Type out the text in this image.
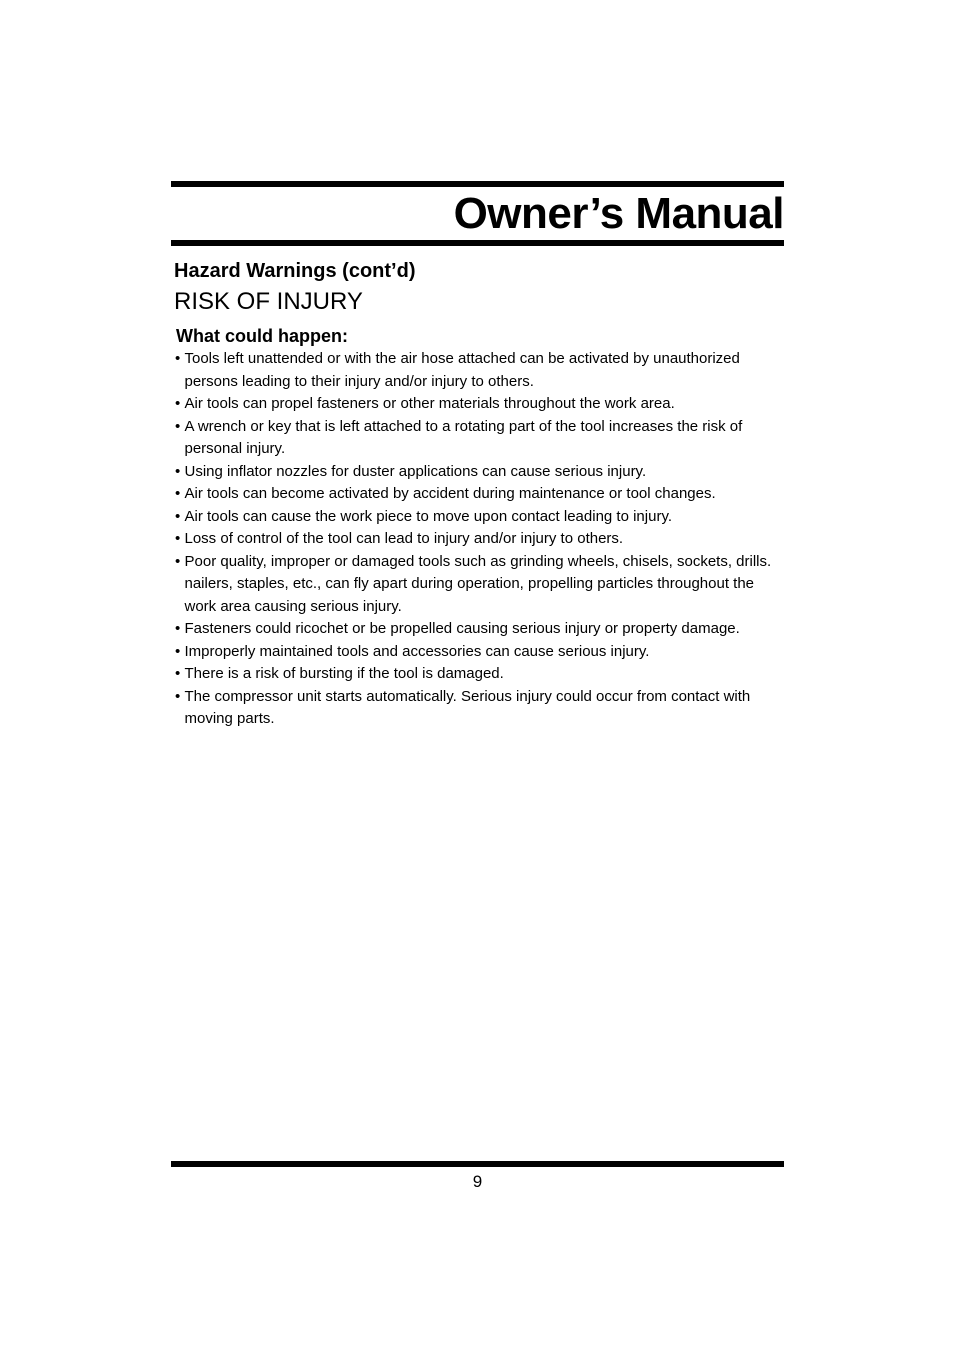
Owner’s Manual
Hazard Warnings (cont’d)
RISK OF INJURY
What could happen:
• Tools left unattended or with the air hose attached can be activated by unauthorized persons leading to their injury and/or injury to others.
• Air tools can propel fasteners or other materials throughout the work area.
• A wrench or key that is left attached to a rotating part of the tool increases the risk of personal injury.
• Using inflator nozzles for duster applications can cause serious injury.
• Air tools can become activated by accident during maintenance or tool changes.
• Air tools can cause the work piece to move upon contact leading to injury.
• Loss of control of the tool can lead to injury and/or injury to others.
• Poor quality, improper or damaged tools such as grinding wheels, chisels, sockets, drills. nailers, staples, etc., can fly apart during operation, propelling particles throughout the work area causing serious injury.
• Fasteners could ricochet or be propelled causing serious injury or property damage.
• Improperly maintained tools and accessories can cause serious injury.
• There is a risk of bursting if the tool is damaged.
• The compressor unit starts automatically. Serious injury could occur from contact with moving parts.
9
